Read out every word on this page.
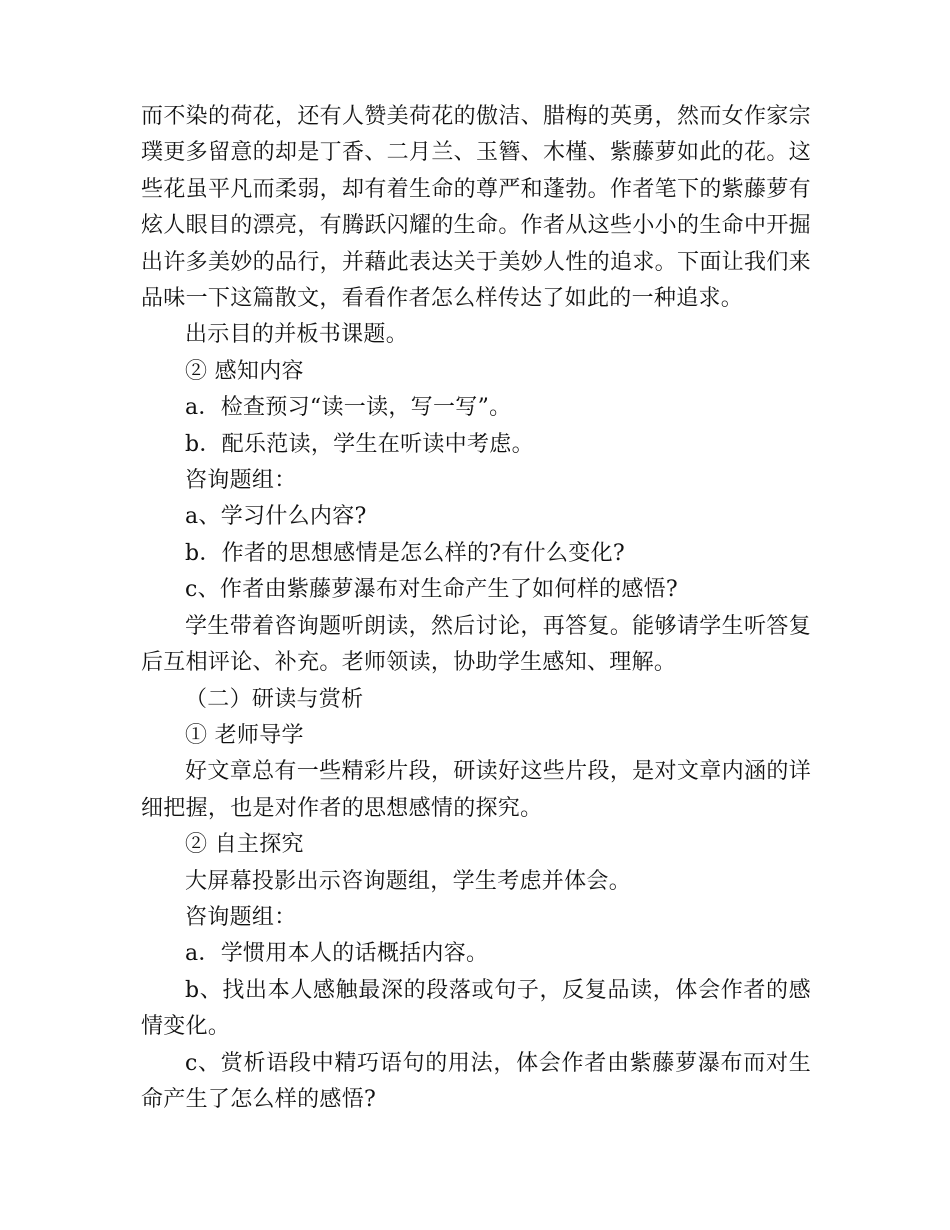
而不染的荷花，还有人赞美荷花的傲洁、腊梅的英勇，然而女作家宗璞更多留意的却是丁香、二月兰、玉簪、木槿、紫藤萝如此的花。这些花虽平凡而柔弱，却有着生命的尊严和蓬勃。作者笔下的紫藤萝有炫人眼目的漂亮，有腾跃闪耀的生命。作者从这些小小的生命中开掘出许多美妙的品行，并藉此表达关于美妙人性的追求。下面让我们来品味一下这篇散文，看看作者怎么样传达了如此的一种追求。

出示目的并板书课题。

② 感知内容

a．检查预习“读一读，写一写”。

b．配乐范读，学生在听读中考虑。

咨询题组：

a、学习什么内容?

b．作者的思想感情是怎么样的?有什么变化?

c、作者由紫藤萝瀑布对生命产生了如何样的感悟?

学生带着咨询题听朗读，然后讨论，再答复。能够请学生听答复后互相评论、补充。老师领读，协助学生感知、理解。

（二）研读与赏析

① 老师导学

好文章总有一些精彩片段，研读好这些片段，是对文章内涵的详细把握，也是对作者的思想感情的探究。

② 自主探究

大屏幕投影出示咨询题组，学生考虑并体会。

咨询题组：

a．学惯用本人的话概括内容。

b、找出本人感触最深的段落或句子，反复品读，体会作者的感情变化。

c、赏析语段中精巧语句的用法，体会作者由紫藤萝瀑布而对生命产生了怎么样的感悟?
